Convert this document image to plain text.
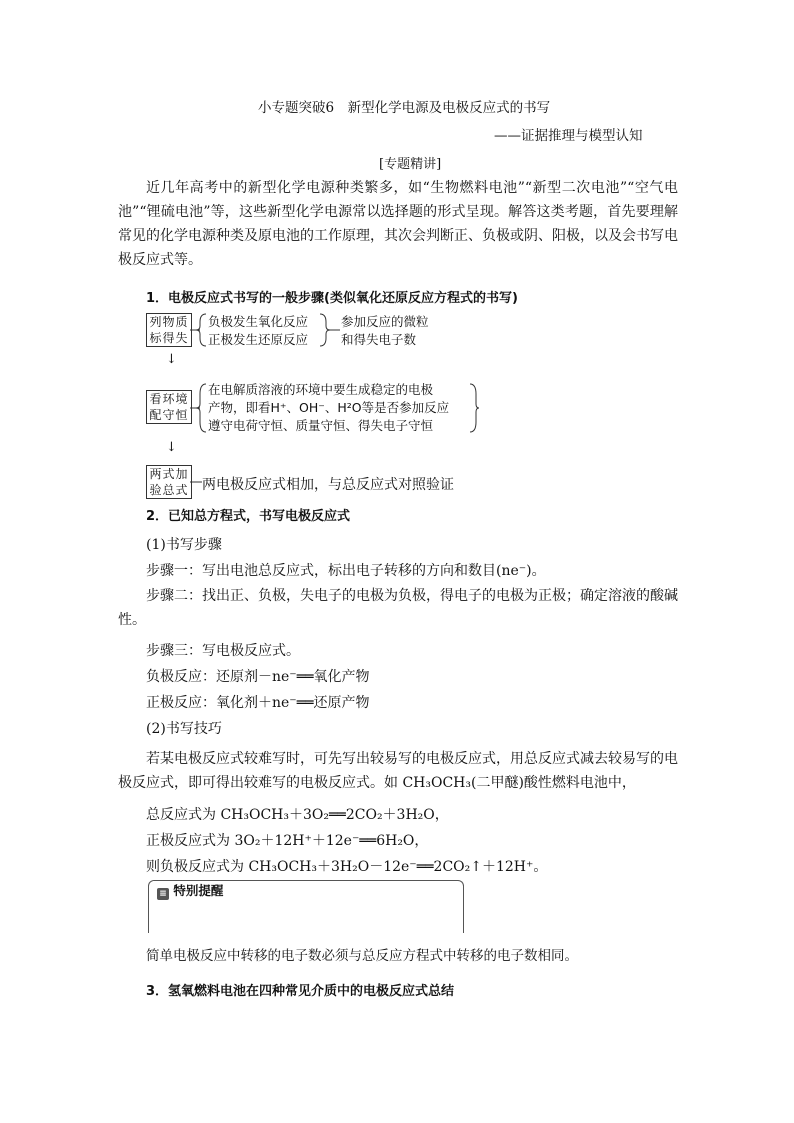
小专题突破6　新型化学电源及电极反应式的书写
——证据推理与模型认知
[专题精讲]
近几年高考中的新型化学电源种类繁多，如“生物燃料电池”“新型二次电池”“空气电池”“锂硫电池”等，这些新型化学电源常以选择题的形式呈现。解答这类考题，首先要理解常见的化学电源种类及原电池的工作原理，其次会判断正、负极或阴、阳极，以及会书写电极反应式等。
1．电极反应式书写的一般步骤(类似氧化还原反应方程式的书写)
列物质标得失
负极发生氧化反应
正极发生还原反应
参加反应的微粒
和得失电子数
↓
看环境配守恒
在电解质溶液的环境中要生成稳定的电极
产物，即看H⁺、OH⁻、H²O等是否参加反应
遵守电荷守恒、质量守恒、得失电子守恒
↓
两式加验总式 两电极反应式相加，与总反应式对照验证
2．已知总方程式，书写电极反应式
(1)书写步骤
步骤一：写出电池总反应式，标出电子转移的方向和数目(ne⁻)。
步骤二：找出正、负极，失电子的电极为负极，得电子的电极为正极；确定溶液的酸碱性。
步骤三：写电极反应式。
负极反应：还原剂－ne⁻══氧化产物
正极反应：氧化剂＋ne⁻══还原产物
(2)书写技巧
若某电极反应式较难写时，可先写出较易写的电极反应式，用总反应式减去较易写的电极反应式，即可得出较难写的电极反应式。如 CH₃OCH₃(二甲醚)酸性燃料电池中，
总反应式为 CH₃OCH₃＋3O₂══2CO₂＋3H₂O，
正极反应式为 3O₂＋12H⁺＋12e⁻══6H₂O，
则负极反应式为 CH₃OCH₃＋3H₂O－12e⁻══2CO₂↑＋12H⁺。
≡ 特别提醒
简单电极反应中转移的电子数必须与总反应方程式中转移的电子数相同。
3．氢氧燃料电池在四种常见介质中的电极反应式总结
